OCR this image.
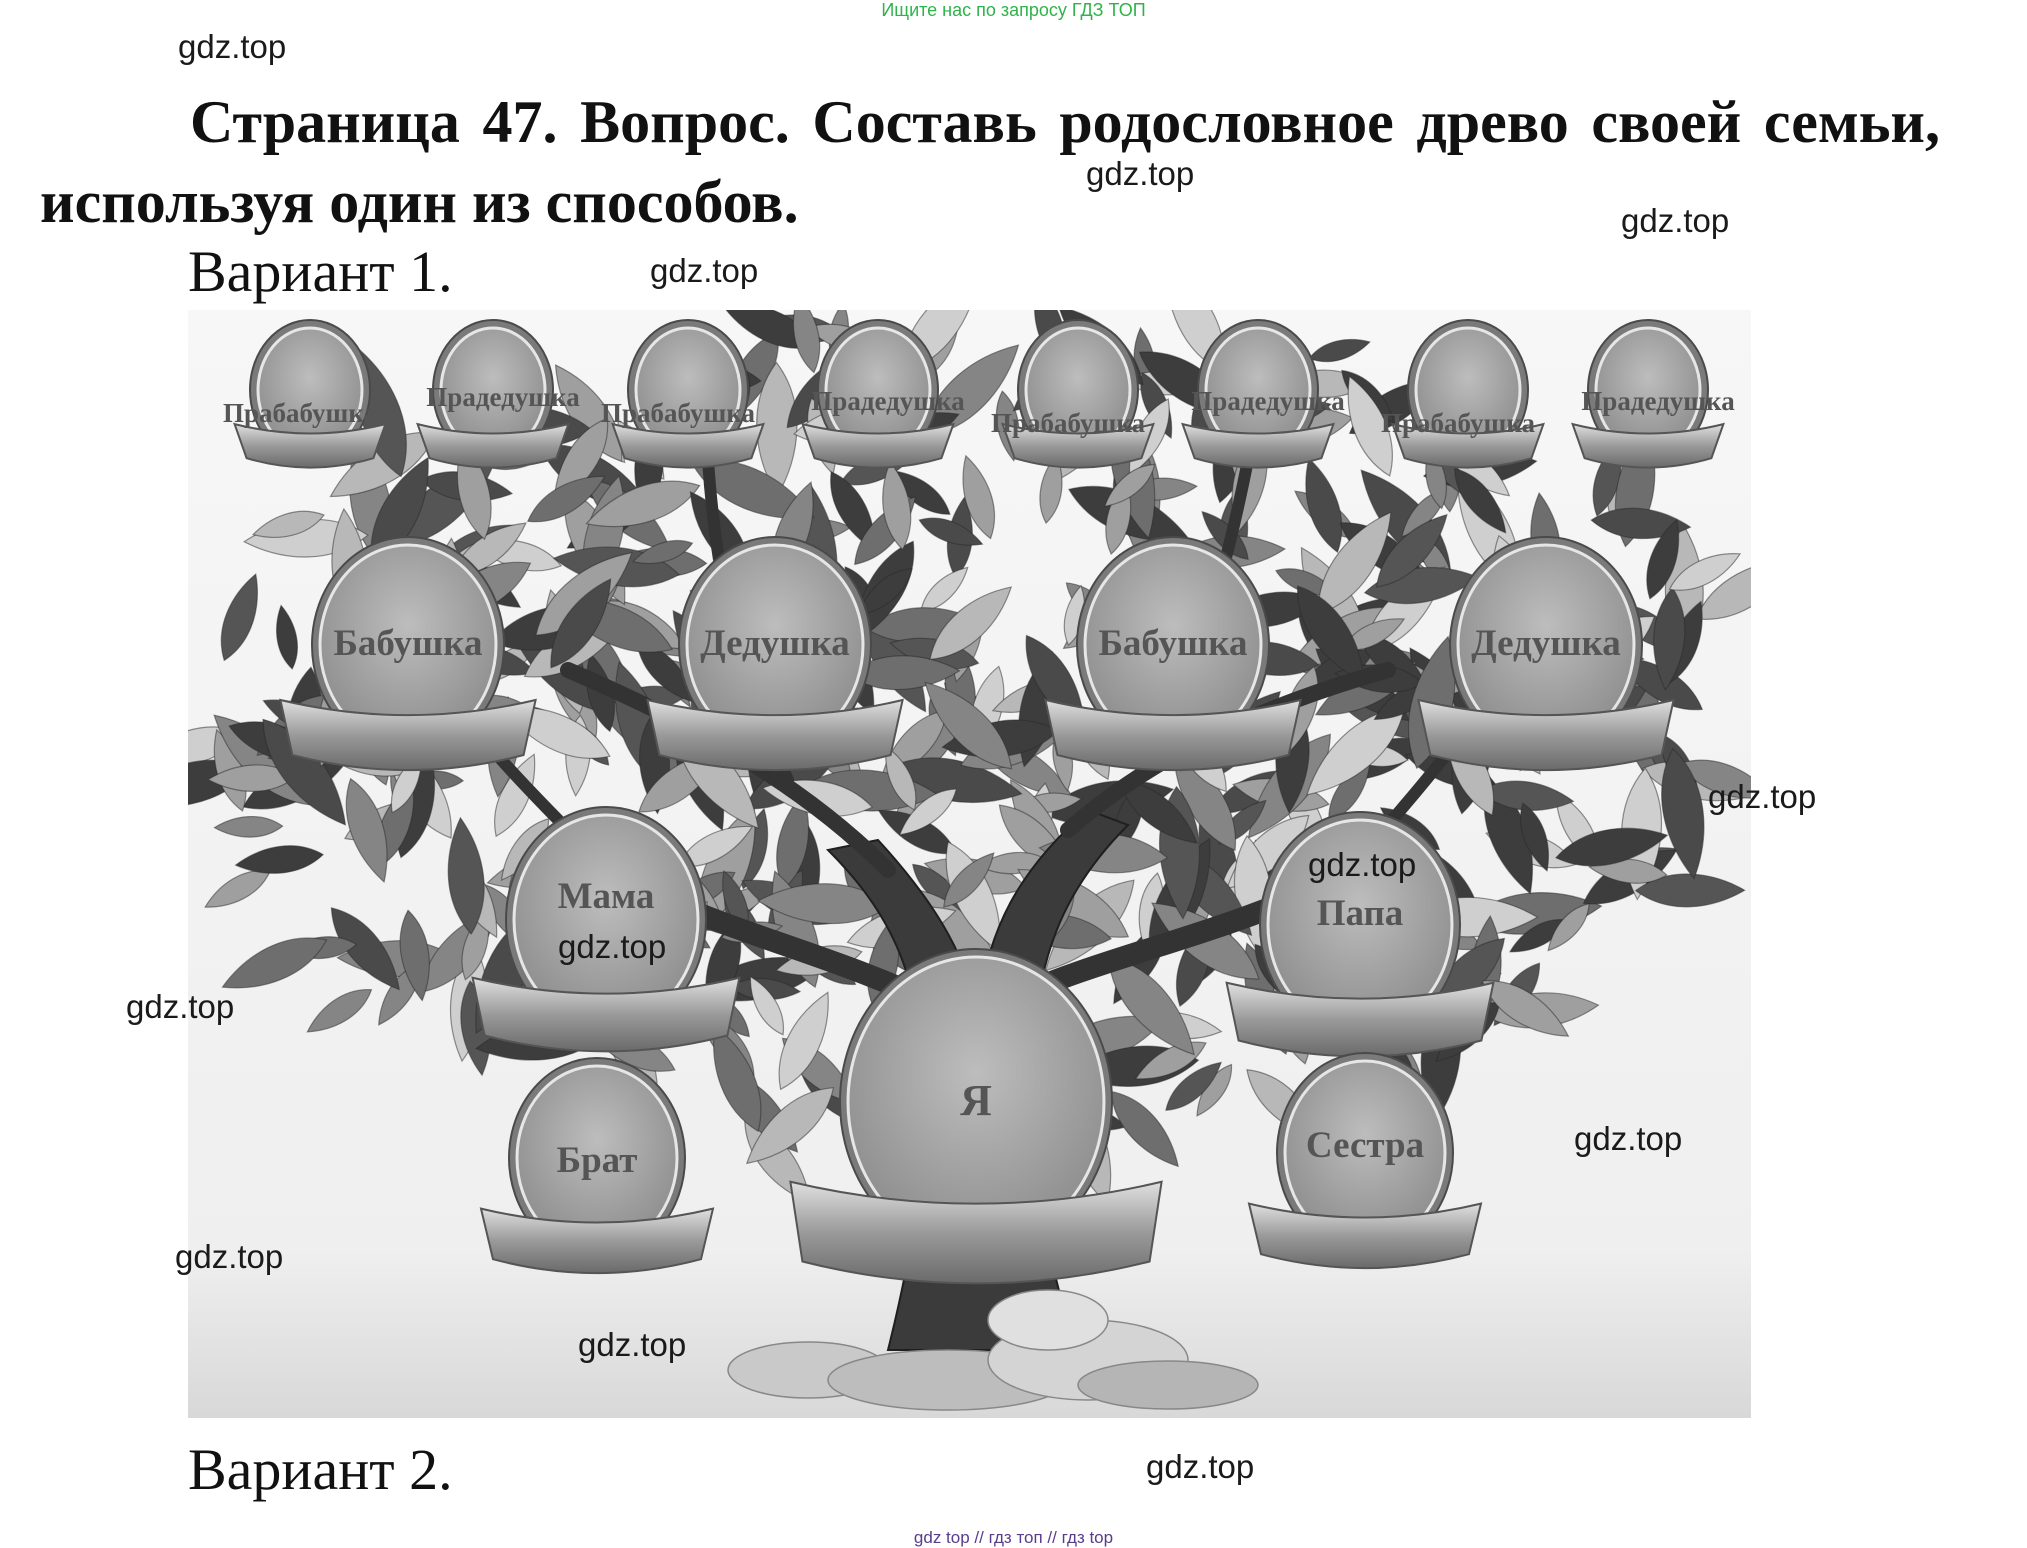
Ищите нас по запросу ГДЗ ТОП
gdz.top
Страница 47. Вопрос. Составь родословное древо своей семьи,
используя один из способов.	gdz.top
gdz.top
Вариант 1.	gdz.top
Прабабушка
Прадедушка
Прабабушка Прадедушка
Прабабушка
Прадедушка
Прабабушка
Прадедушка
Бабушка	Дедушка	Бабушка	Дедушка
Мама	Папа
Я
Брат	Сестра
gdz.top
gdz.top
gdz.top
gdz.top
gdz.top
gdz.top
gdz.top
Вариант 2.	gdz.top
gdz top // гдз топ // гдз top
